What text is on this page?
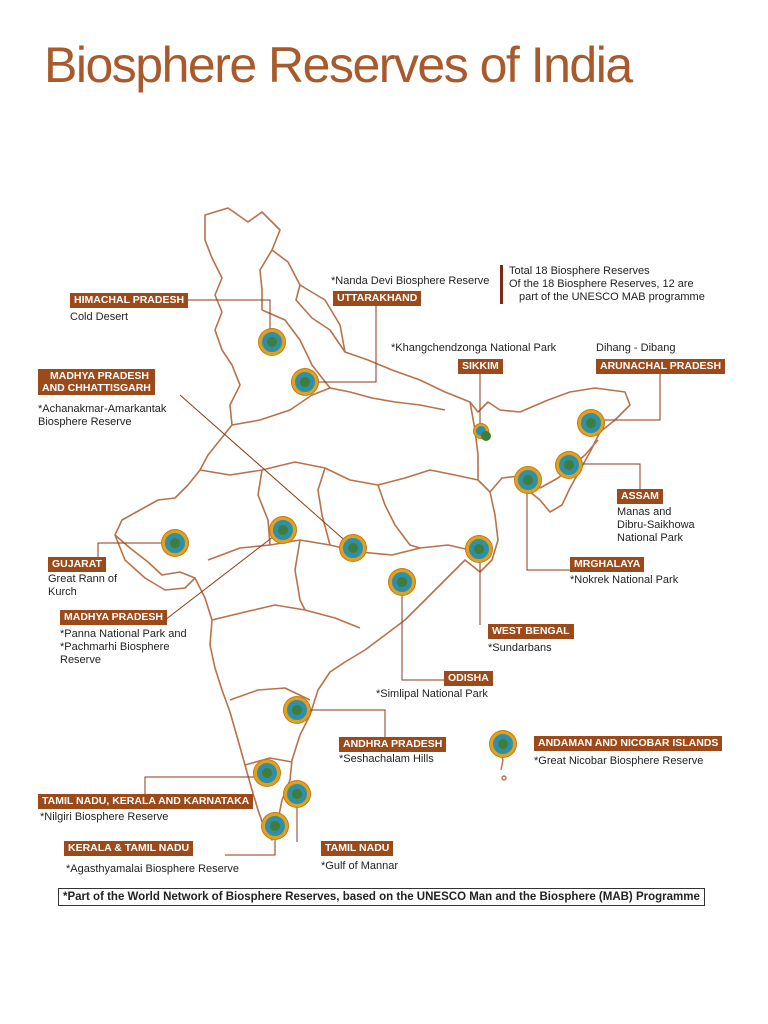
Biosphere Reserves of India
Total 18 Biosphere Reserves
Of the 18 Biosphere Reserves, 12 are
part of the UNESCO MAB programme
HIMACHAL PRADESH
Cold Desert
*Nanda Devi Biosphere Reserve
UTTARAKHAND
*Khangchendzonga National Park
SIKKIM
Dihang - Dibang
ARUNACHAL PRADESH
MADHYA PRADESH
AND CHHATTISGARH
*Achanakmar-Amarkantak
Biosphere Reserve
ASSAM
Manas and
Dibru-Saikhowa
National Park
GUJARAT
Great Rann of
Kurch
MRGHALAYA
*Nokrek National Park
MADHYA PRADESH
*Panna National Park and
*Pachmarhi Biosphere
Reserve
WEST BENGAL
*Sundarbans
ODISHA
*Simlipal National Park
ANDHRA PRADESH
*Seshachalam Hills
ANDAMAN AND NICOBAR ISLANDS
*Great Nicobar Biosphere Reserve
TAMIL NADU, KERALA AND KARNATAKA
*Nilgiri Biosphere Reserve
KERALA & TAMIL NADU
*Agasthyamalai Biosphere Reserve
TAMIL NADU
*Gulf of Mannar
*Part of the World Network of Biosphere Reserves, based on the UNESCO Man and the Biosphere (MAB) Programme
